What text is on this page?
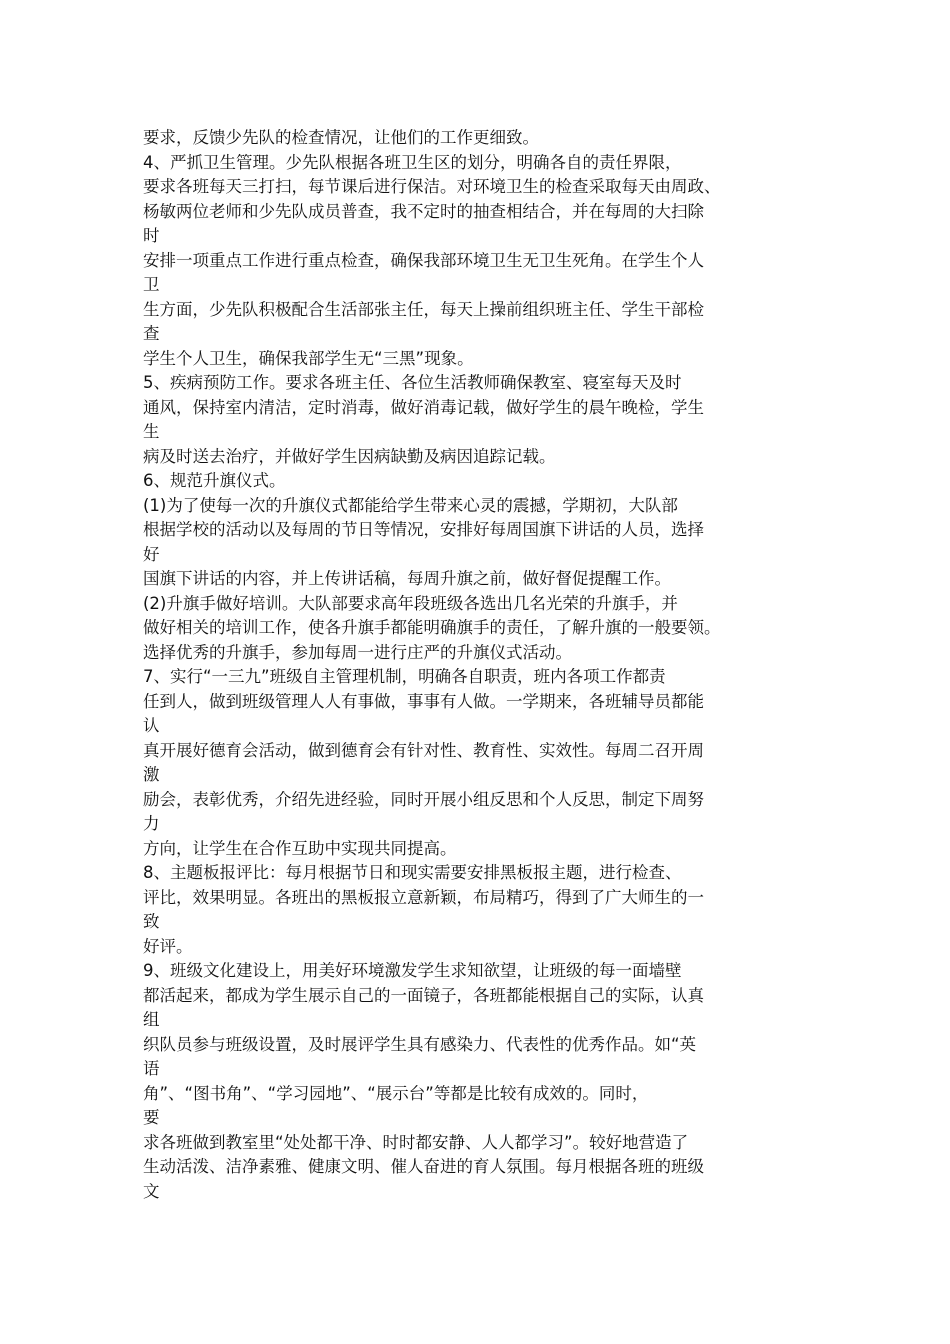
要求，反馈少先队的检查情况，让他们的工作更细致。
4、严抓卫生管理。少先队根据各班卫生区的划分，明确各自的责任界限，
要求各班每天三打扫，每节课后进行保洁。对环境卫生的检查采取每天由周政、
杨敏两位老师和少先队成员普查，我不定时的抽查相结合，并在每周的大扫除
时
安排一项重点工作进行重点检查，确保我部环境卫生无卫生死角。在学生个人
卫
生方面，少先队积极配合生活部张主任，每天上操前组织班主任、学生干部检
查
学生个人卫生，确保我部学生无“三黑”现象。
5、疾病预防工作。要求各班主任、各位生活教师确保教室、寝室每天及时
通风，保持室内清洁，定时消毒，做好消毒记载，做好学生的晨午晚检，学生
生
病及时送去治疗，并做好学生因病缺勤及病因追踪记载。
6、规范升旗仪式。
(1)为了使每一次的升旗仪式都能给学生带来心灵的震撼，学期初，大队部
根据学校的活动以及每周的节日等情况，安排好每周国旗下讲话的人员，选择
好
国旗下讲话的内容，并上传讲话稿，每周升旗之前，做好督促提醒工作。
(2)升旗手做好培训。大队部要求高年段班级各选出几名光荣的升旗手，并
做好相关的培训工作，使各升旗手都能明确旗手的责任，了解升旗的一般要领。
选择优秀的升旗手，参加每周一进行庄严的升旗仪式活动。
7、实行“一三九”班级自主管理机制，明确各自职责，班内各项工作都责
任到人，做到班级管理人人有事做，事事有人做。一学期来，各班辅导员都能
认
真开展好德育会活动，做到德育会有针对性、教育性、实效性。每周二召开周
激
励会，表彰优秀，介绍先进经验，同时开展小组反思和个人反思，制定下周努
力
方向，让学生在合作互助中实现共同提高。
8、主题板报评比：每月根据节日和现实需要安排黑板报主题，进行检查、
评比，效果明显。各班出的黑板报立意新颖，布局精巧，得到了广大师生的一
致
好评。
9、班级文化建设上，用美好环境激发学生求知欲望，让班级的每一面墙壁
都活起来，都成为学生展示自己的一面镜子，各班都能根据自己的实际，认真
组
织队员参与班级设置，及时展评学生具有感染力、代表性的优秀作品。如“英
语
角”、“图书角”、“学习园地”、“展示台”等都是比较有成效的。同时，
要
求各班做到教室里“处处都干净、时时都安静、人人都学习”。较好地营造了
生动活泼、洁净素雅、健康文明、催人奋进的育人氛围。每月根据各班的班级
文
